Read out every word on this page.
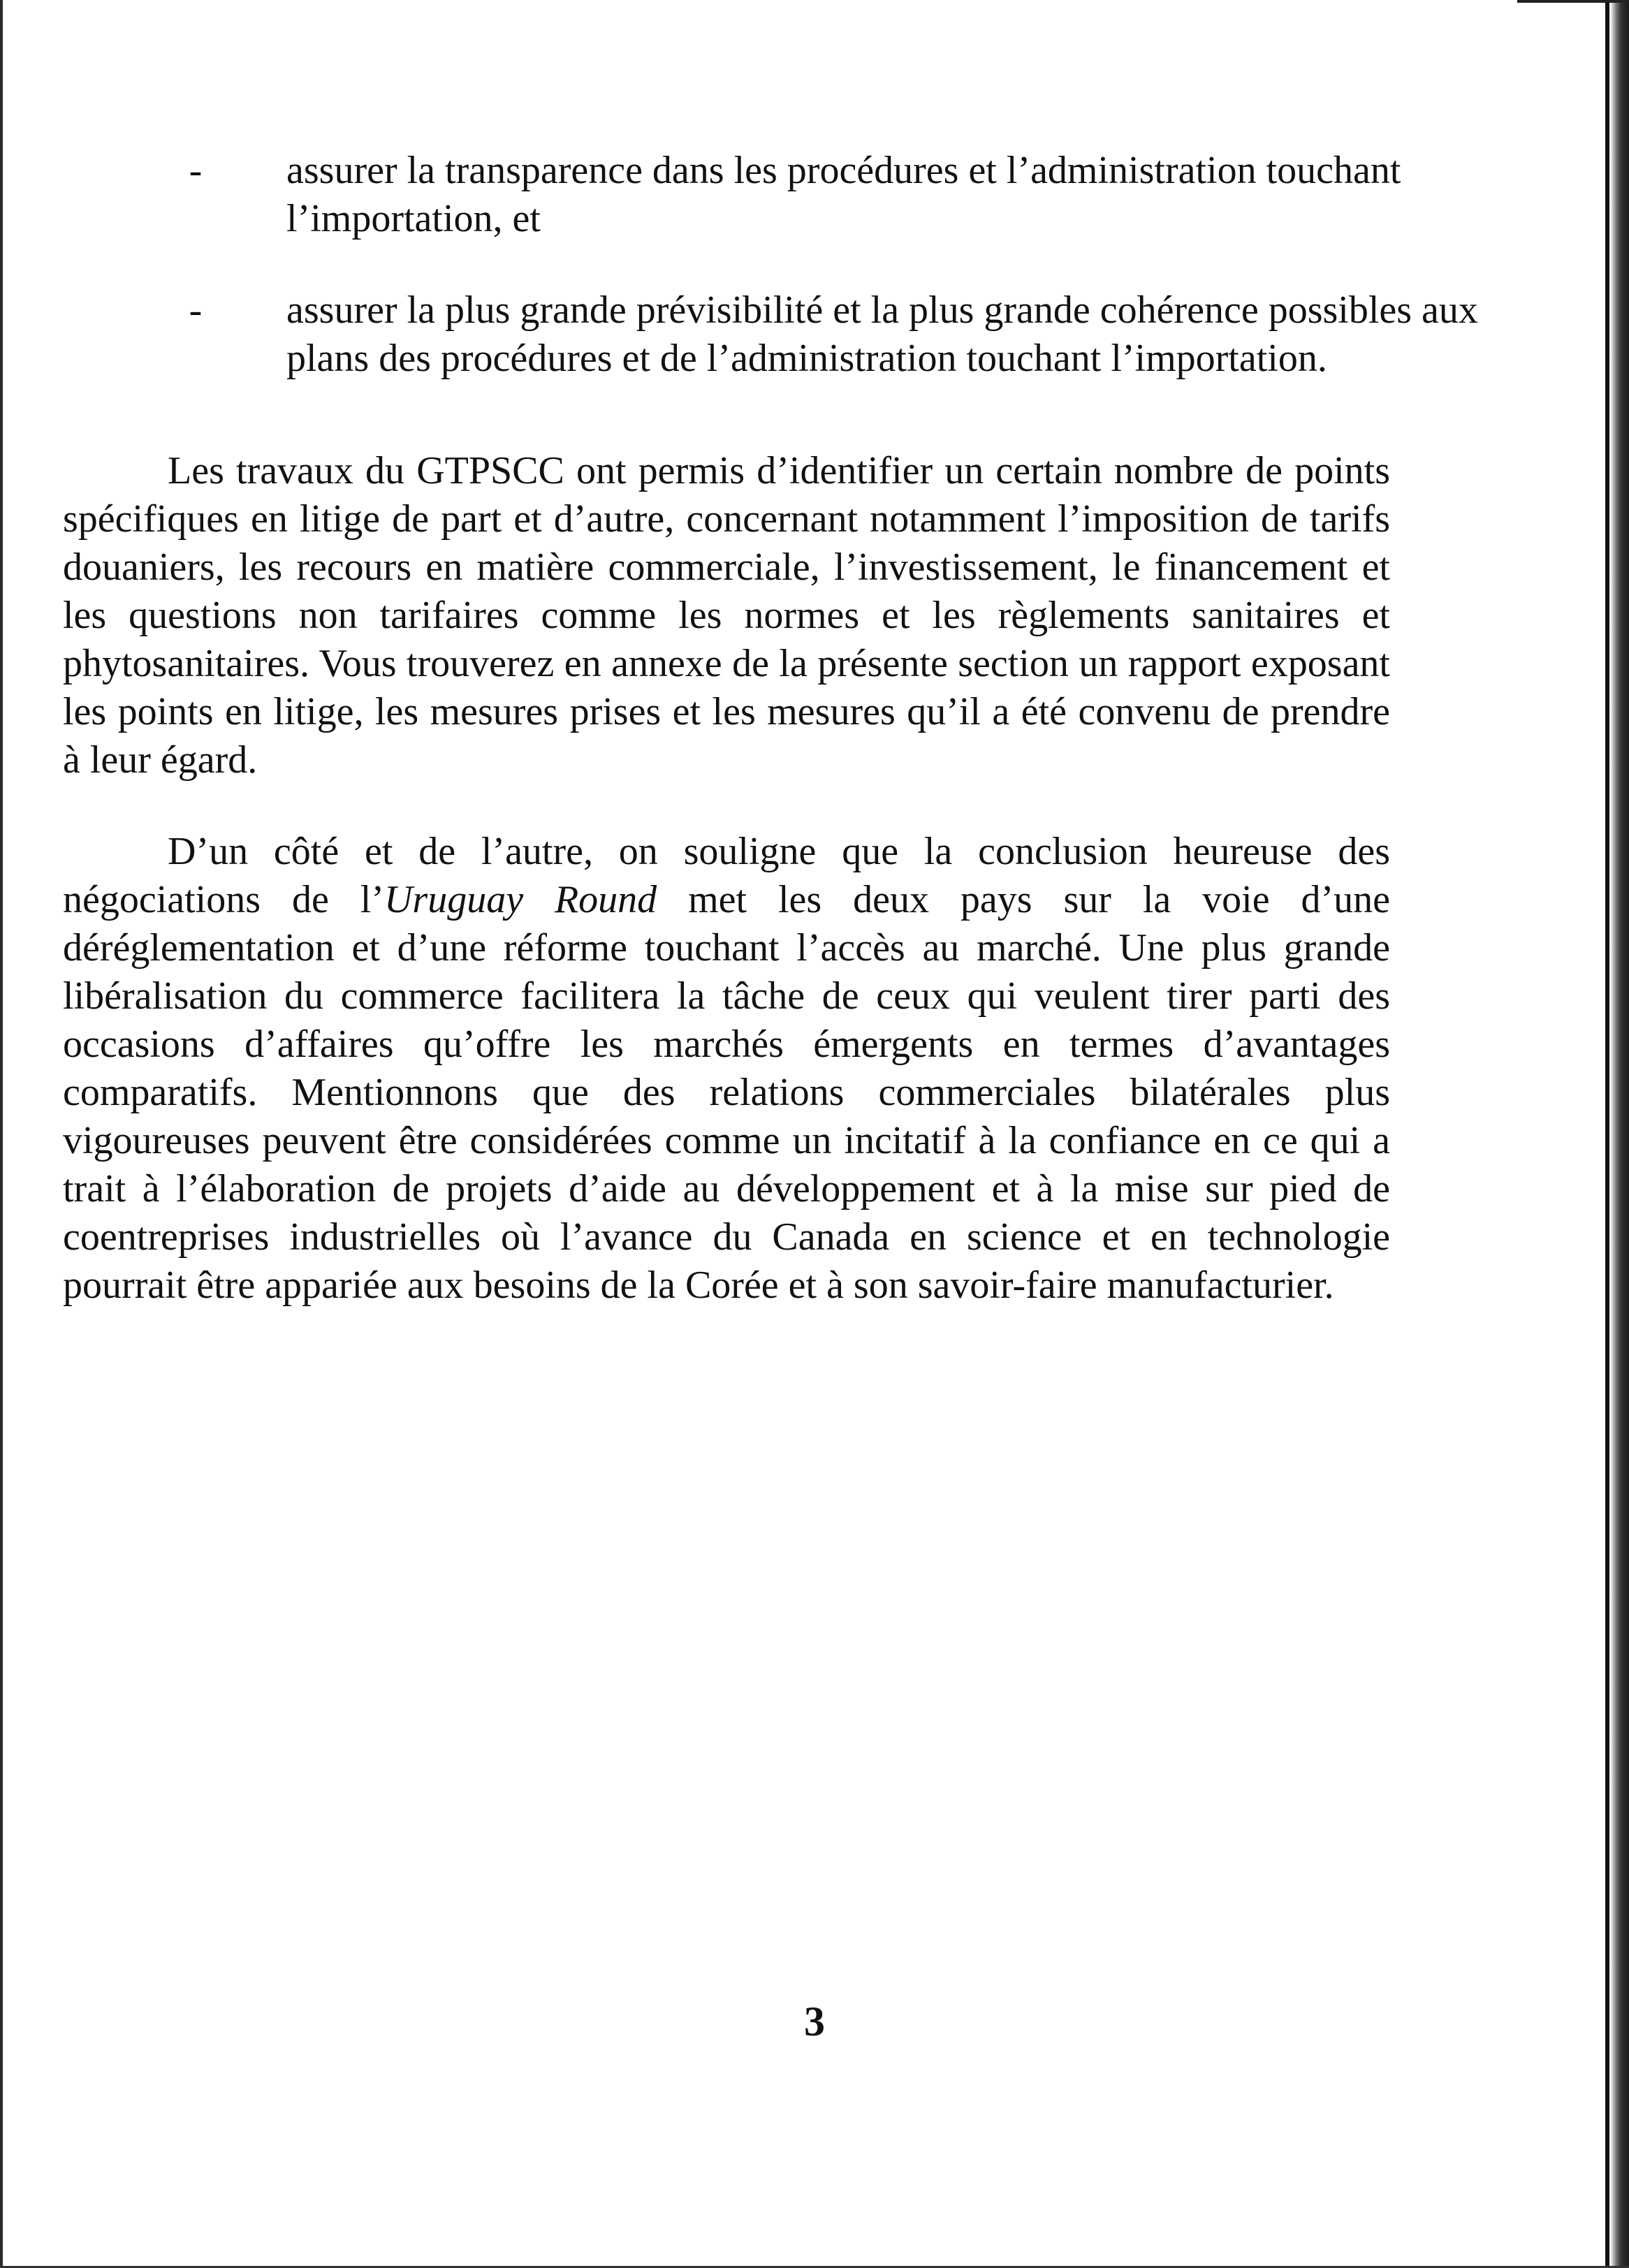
- assurer la transparence dans les procédures et l’administration touchant l’importation, et
- assurer la plus grande prévisibilité et la plus grande cohérence possibles aux plans des procédures et de l’administration touchant l’importation.

Les travaux du GTPSCC ont permis d’identifier un certain nombre de points spécifiques en litige de part et d’autre, concernant notamment l’imposition de tarifs douaniers, les recours en matière commerciale, l’investissement, le financement et les questions non tarifaires comme les normes et les règlements sanitaires et phytosanitaires. Vous trouverez en annexe de la présente section un rapport exposant les points en litige, les mesures prises et les mesures qu’il a été convenu de prendre à leur égard.

D’un côté et de l’autre, on souligne que la conclusion heureuse des négociations de l’Uruguay Round met les deux pays sur la voie d’une déréglementation et d’une réforme touchant l’accès au marché. Une plus grande libéralisation du commerce facilitera la tâche de ceux qui veulent tirer parti des occasions d’affaires qu’offre les marchés émergents en termes d’avantages comparatifs. Mentionnons que des relations commerciales bilatérales plus vigoureuses peuvent être considérées comme un incitatif à la confiance en ce qui a trait à l’élaboration de projets d’aide au développement et à la mise sur pied de coentreprises industrielles où l’avance du Canada en science et en technologie pourrait être appariée aux besoins de la Corée et à son savoir-faire manufacturier.

3
